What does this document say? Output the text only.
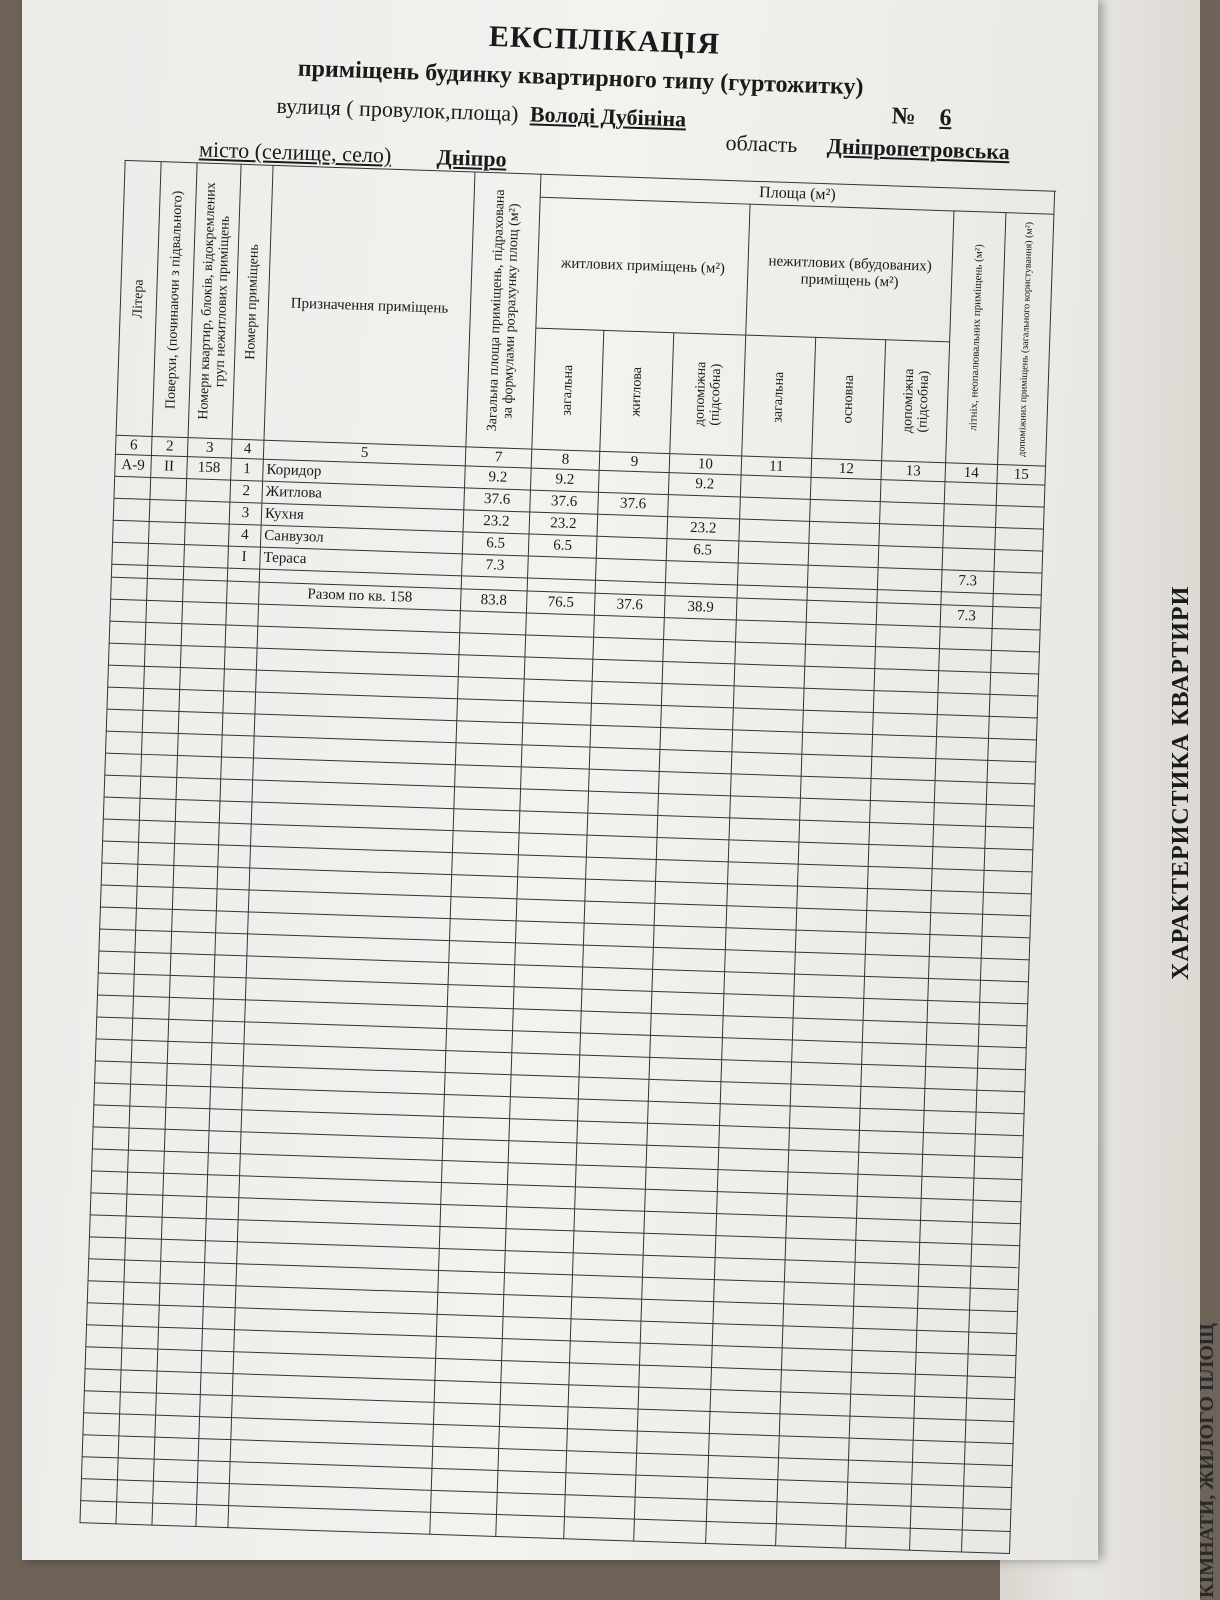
ХАРАКТЕРИСТИКА КВАРТИРИ
КІМНАТИ, ЖИЛОГО ПЛОЩ
ЕКСПЛІКАЦІЯ
приміщень будинку квартирного типу (гуртожитку)
вулиця ( провулок,площа) Володі Дубініна	№ 6
область Дніпропетровська
місто (селище, село) Дніпро
Літера	Поверхи, (починаючи з підвального)	Номери квартир, блоків, відокремлених груп нежитлових приміщень	Номери приміщень	Призначення приміщень	Загальна площа приміщень, підрахована за формулами розрахунку площ (м²)	Площа (м²)							
						житлових приміщень (м²)			нежитлових (вбудованих) приміщень (м²)			літніх, неопалювальних приміщень (м²)	допоміжних приміщень (загального користування) (м²)

						загальна	житлова	допоміжна (підсобна)	загальна	основна	допоміжна (підсобна)		

6	2	3	4	5	7	8	9	10	11	12	13	14	15
А-9	II	158	1	Коридор	9.2	9.2		9.2					
			2	Житлова	37.6	37.6	37.6						
			3	Кухня	23.2	23.2		23.2					
			4	Санвузол	6.5	6.5		6.5					
			I	Тераса	7.3							7.3	

				Разом по кв. 158	83.8	76.5	37.6	38.9				7.3	
